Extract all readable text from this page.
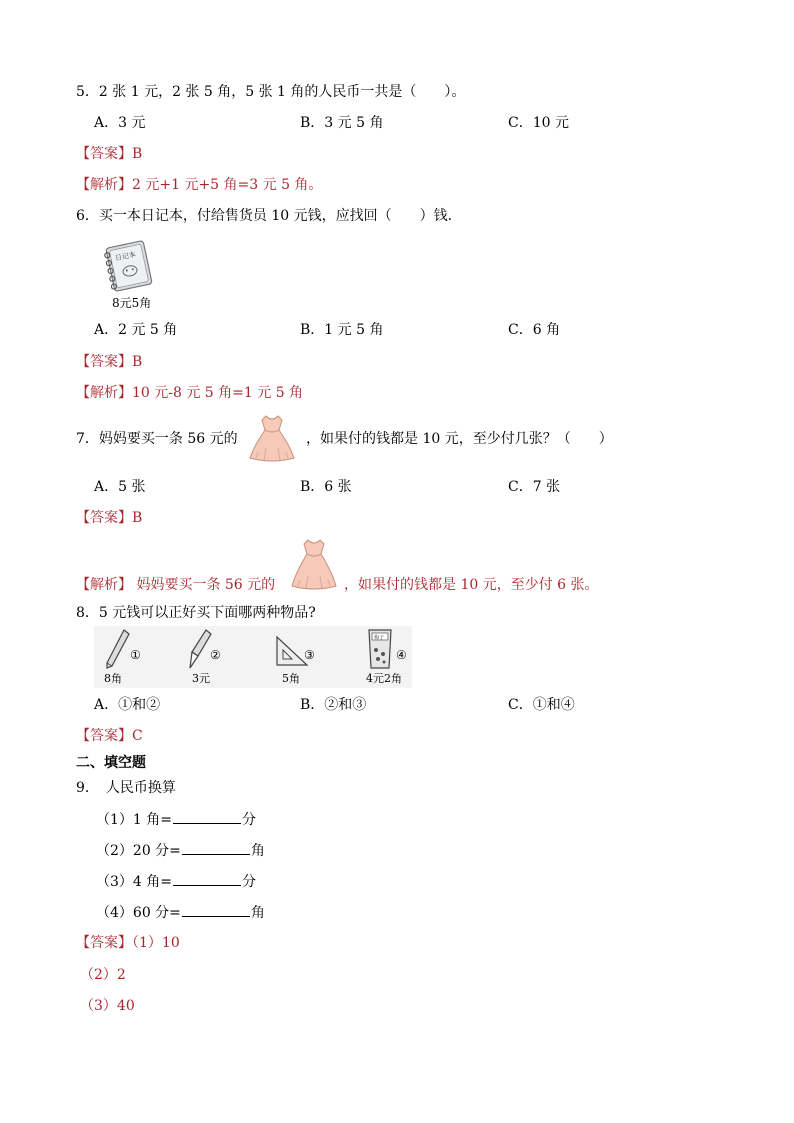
5．2 张 1 元，2 张 5 角，5 张 1 角的人民币一共是（　　）。
A．3 元	B．3 元 5 角	C．10 元
【答案】B
【解析】2 元+1 元+5 角=3 元 5 角。
6．买一本日记本，付给售货员 10 元钱，应找回（　　）钱．
日记本
8元5角
A．2 元 5 角	B．1 元 5 角	C．6 角
【答案】B
【解析】10 元-8 元 5 角=1 元 5 角
7．妈妈要买一条 56 元的	，如果付的钱都是 10 元，至少付几张？（　　）
A．5 张	B．6 张	C．7 张
【答案】B
【解析】 妈妈要买一条 56 元的	，如果付的钱都是 10 元，至少付 6 张。
8．5 元钱可以正好买下面哪两种物品?
①
8角
②
3元
③
5角
梅子
④
4元2角
A．①和②	B．②和③	C．①和④
【答案】C
二、填空题
9．　人民币换算
（1）1 角=	分
（2）20 分=	角
（3）4 角=	分
（4）60 分=	角
【答案】（1）10
（2）2
（3）40
